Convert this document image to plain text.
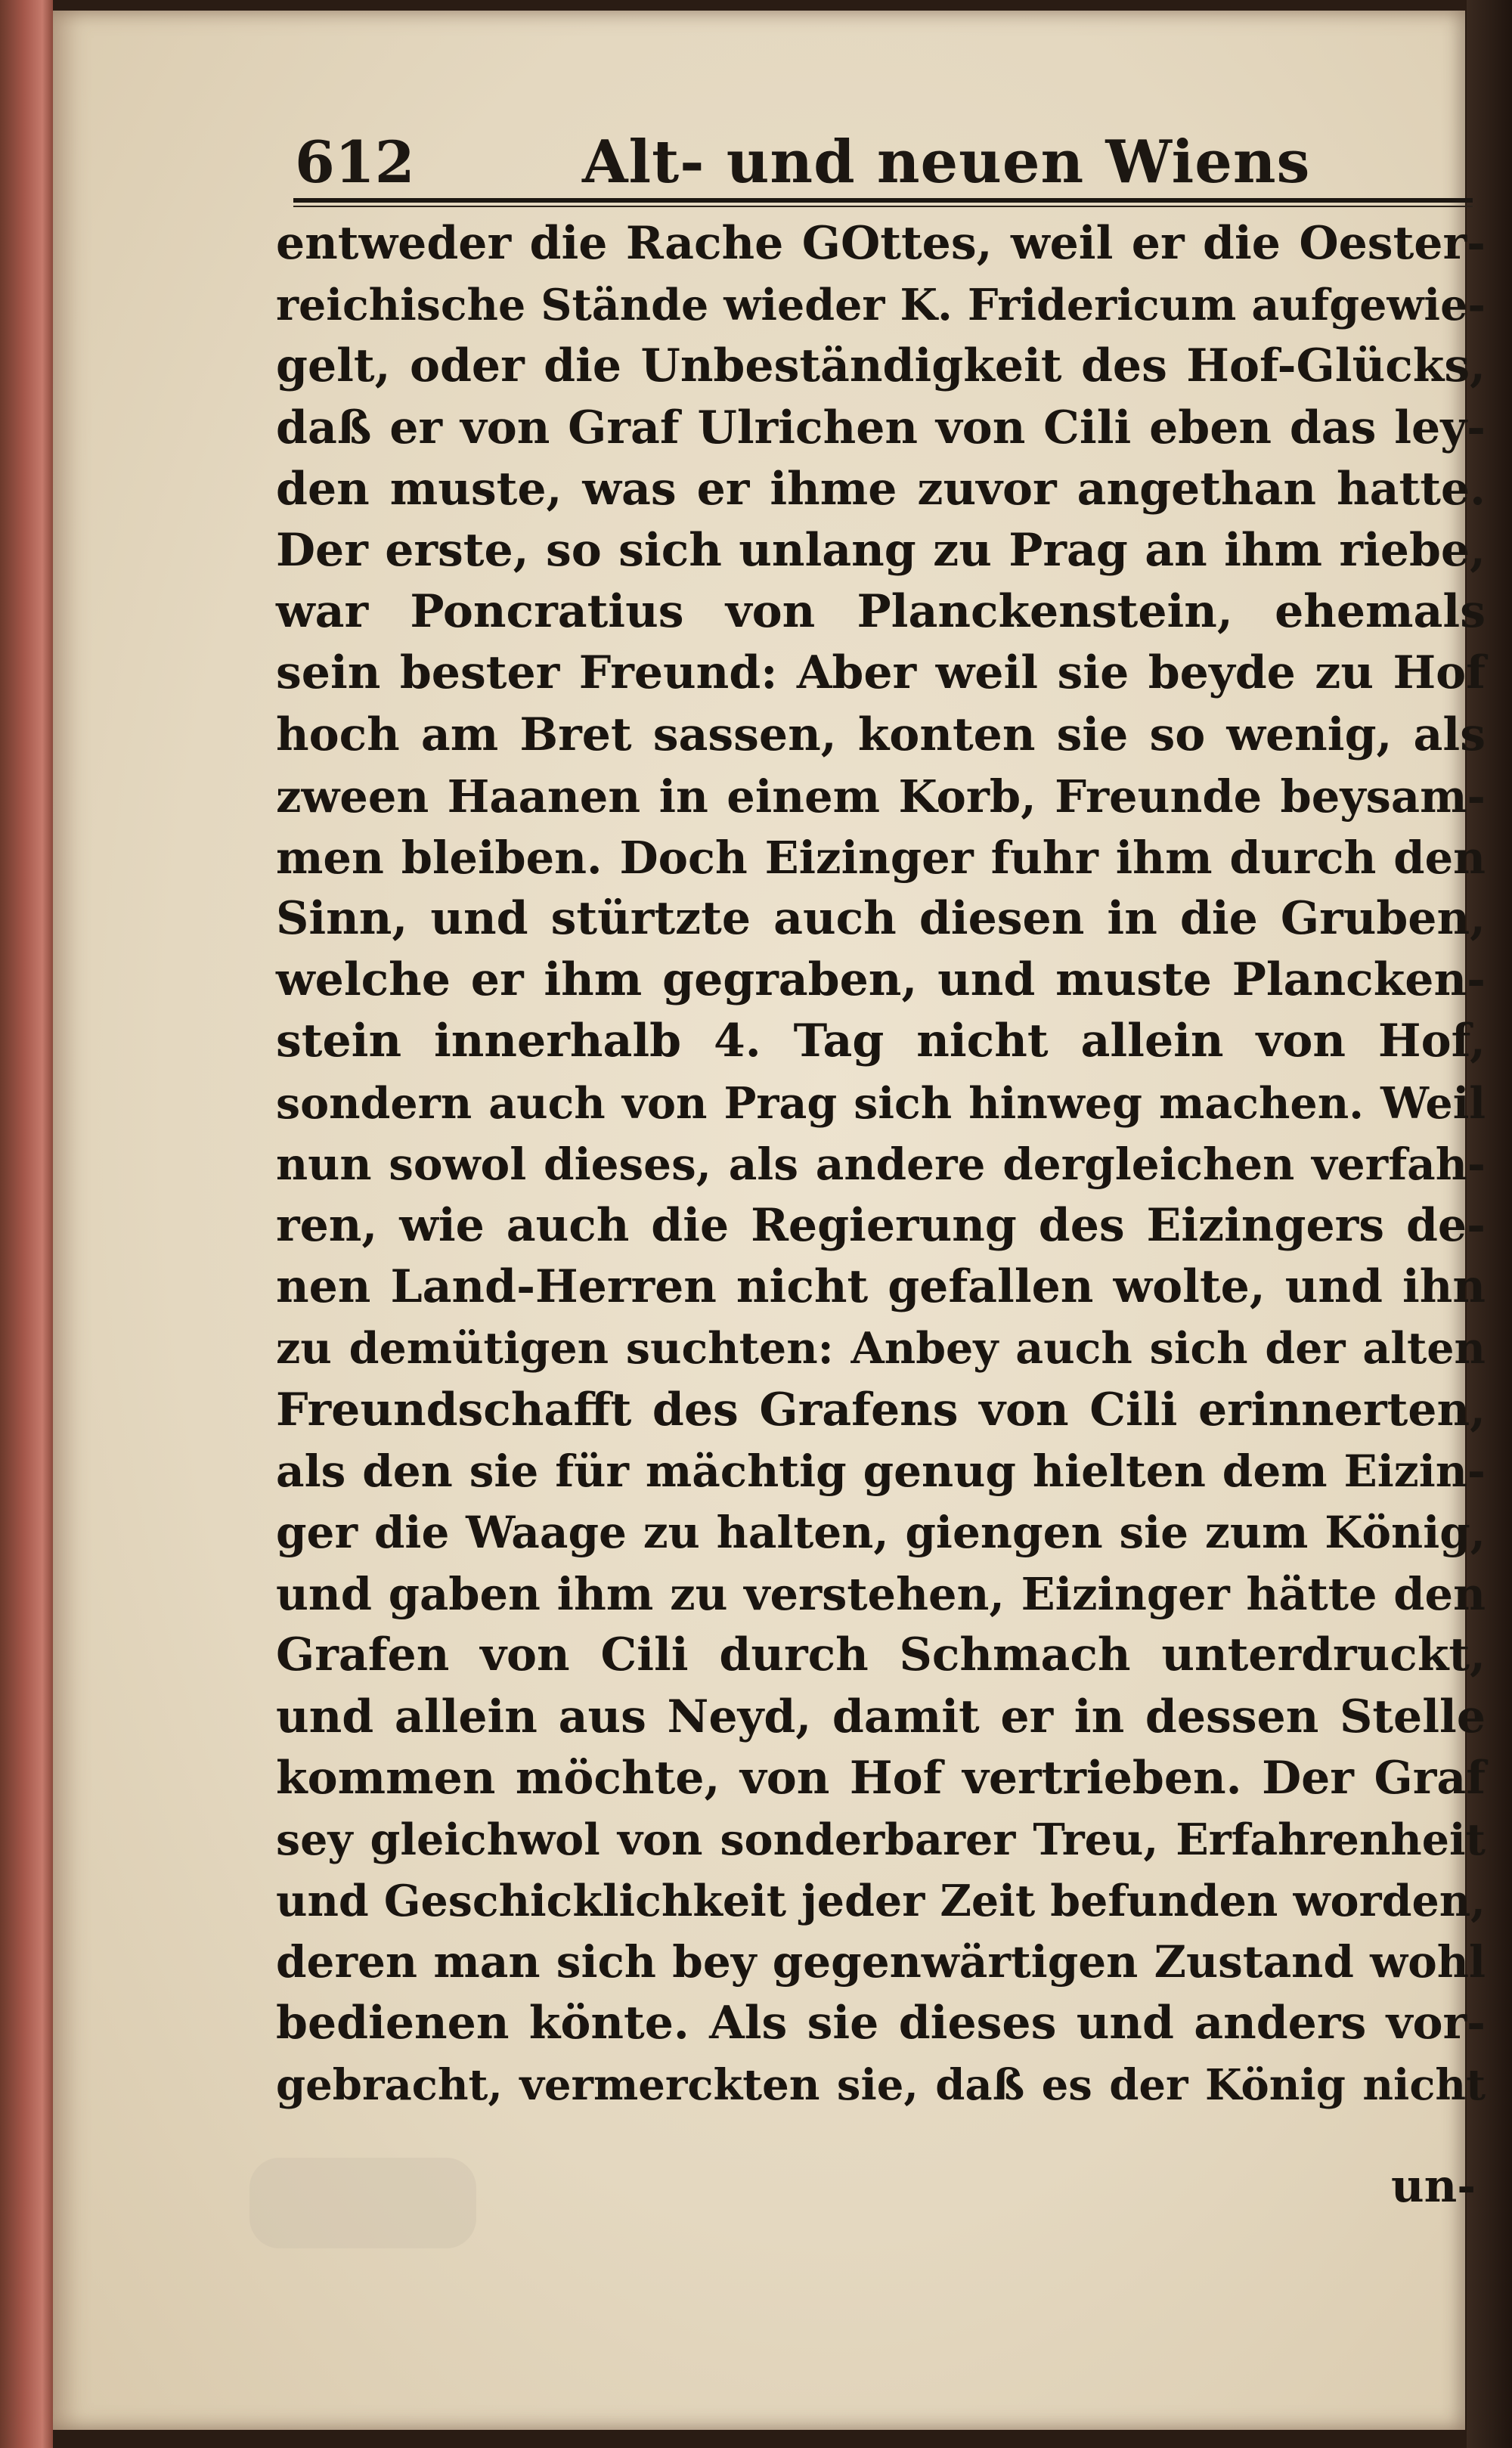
612	Alt- und neuen Wiens
entweder die Rache GOttes, weil er die Oester-
reichische Stände wieder K. Fridericum aufgewie-
gelt, oder die Unbeständigkeit des Hof-Glücks,
daß er von Graf Ulrichen von Cili eben das ley-
den muste, was er ihme zuvor angethan hatte.
Der erste, so sich unlang zu Prag an ihm riebe,
war Poncratius von Planckenstein, ehemals
sein bester Freund: Aber weil sie beyde zu Hof
hoch am Bret sassen, konten sie so wenig, als
zween Haanen in einem Korb, Freunde beysam-
men bleiben. Doch Eizinger fuhr ihm durch den
Sinn, und stürtzte auch diesen in die Gruben,
welche er ihm gegraben, und muste Plancken-
stein innerhalb 4. Tag nicht allein von Hof,
sondern auch von Prag sich hinweg machen. Weil
nun sowol dieses, als andere dergleichen verfah-
ren, wie auch die Regierung des Eizingers de-
nen Land-Herren nicht gefallen wolte, und ihn
zu demütigen suchten: Anbey auch sich der alten
Freundschafft des Grafens von Cili erinnerten,
als den sie für mächtig genug hielten dem Eizin-
ger die Waage zu halten, giengen sie zum König,
und gaben ihm zu verstehen, Eizinger hätte den
Grafen von Cili durch Schmach unterdruckt,
und allein aus Neyd, damit er in dessen Stelle
kommen möchte, von Hof vertrieben. Der Graf
sey gleichwol von sonderbarer Treu, Erfahrenheit
und Geschicklichkeit jeder Zeit befunden worden,
deren man sich bey gegenwärtigen Zustand wohl
bedienen könte. Als sie dieses und anders vor-
gebracht, vermerckten sie, daß es der König nicht
un-
